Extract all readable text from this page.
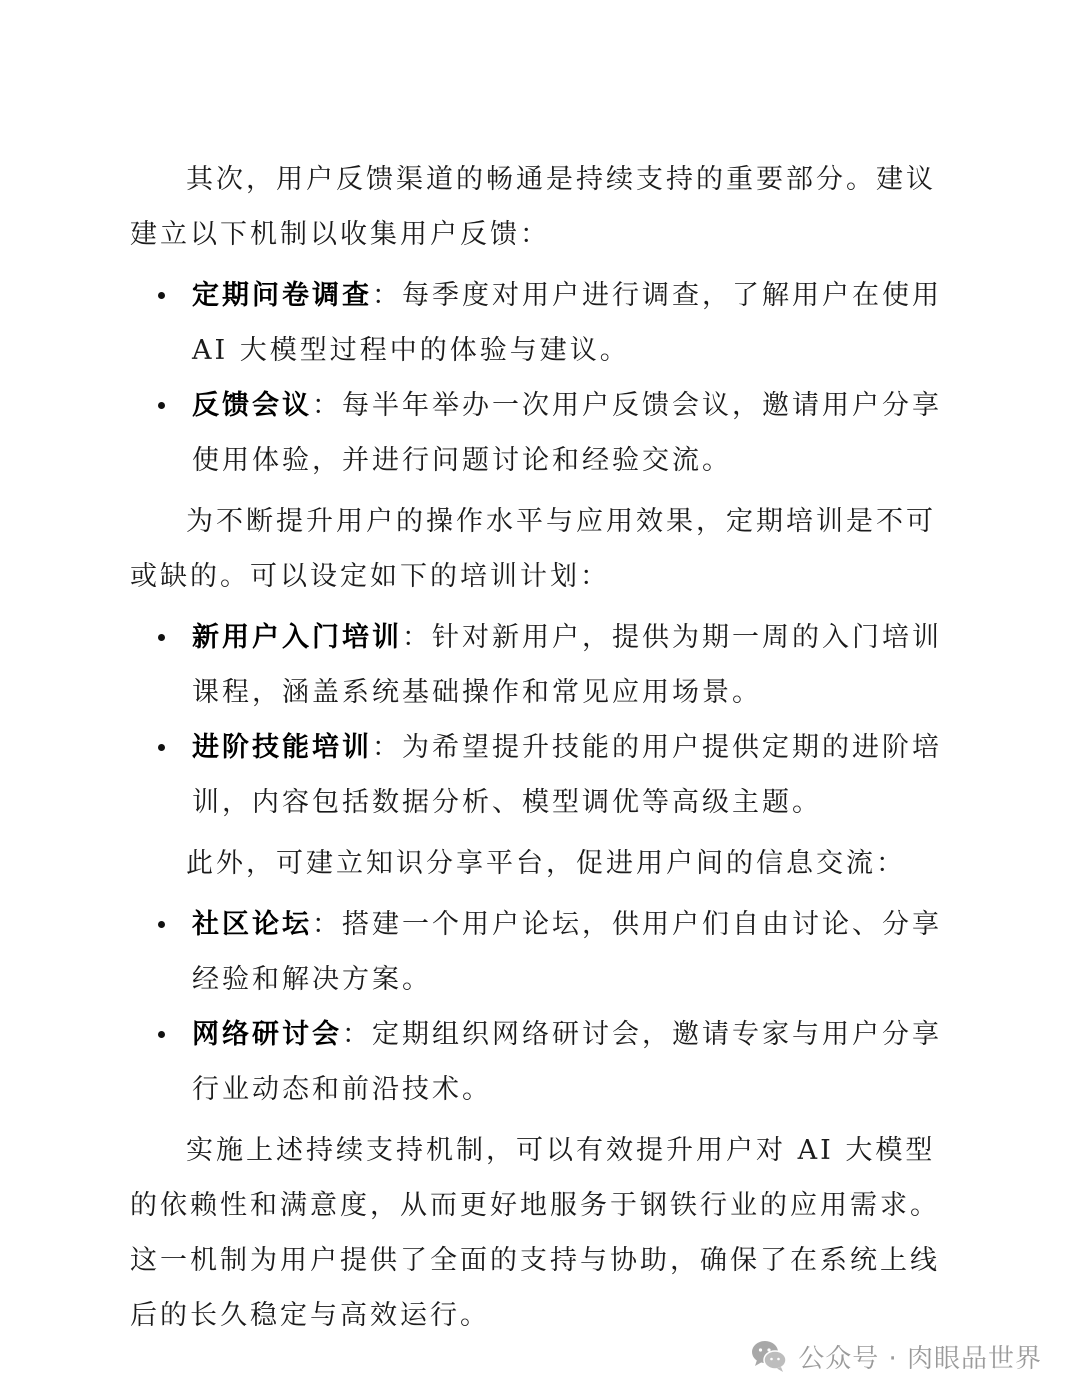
其次，用户反馈渠道的畅通是持续支持的重要部分。建议建立以下机制以收集用户反馈：

定期问卷调查：每季度对用户进行调查，了解用户在使用 AI 大模型过程中的体验与建议。
反馈会议：每半年举办一次用户反馈会议，邀请用户分享使用体验，并进行问题讨论和经验交流。

为不断提升用户的操作水平与应用效果，定期培训是不可或缺的。可以设定如下的培训计划：

新用户入门培训：针对新用户，提供为期一周的入门培训课程，涵盖系统基础操作和常见应用场景。
进阶技能培训：为希望提升技能的用户提供定期的进阶培训，内容包括数据分析、模型调优等高级主题。

此外，可建立知识分享平台，促进用户间的信息交流：

社区论坛：搭建一个用户论坛，供用户们自由讨论、分享经验和解决方案。
网络研讨会：定期组织网络研讨会，邀请专家与用户分享行业动态和前沿技术。

实施上述持续支持机制，可以有效提升用户对 AI 大模型的依赖性和满意度，从而更好地服务于钢铁行业的应用需求。这一机制为用户提供了全面的支持与协助，确保了在系统上线后的长久稳定与高效运行。

公众号 · 肉眼品世界
